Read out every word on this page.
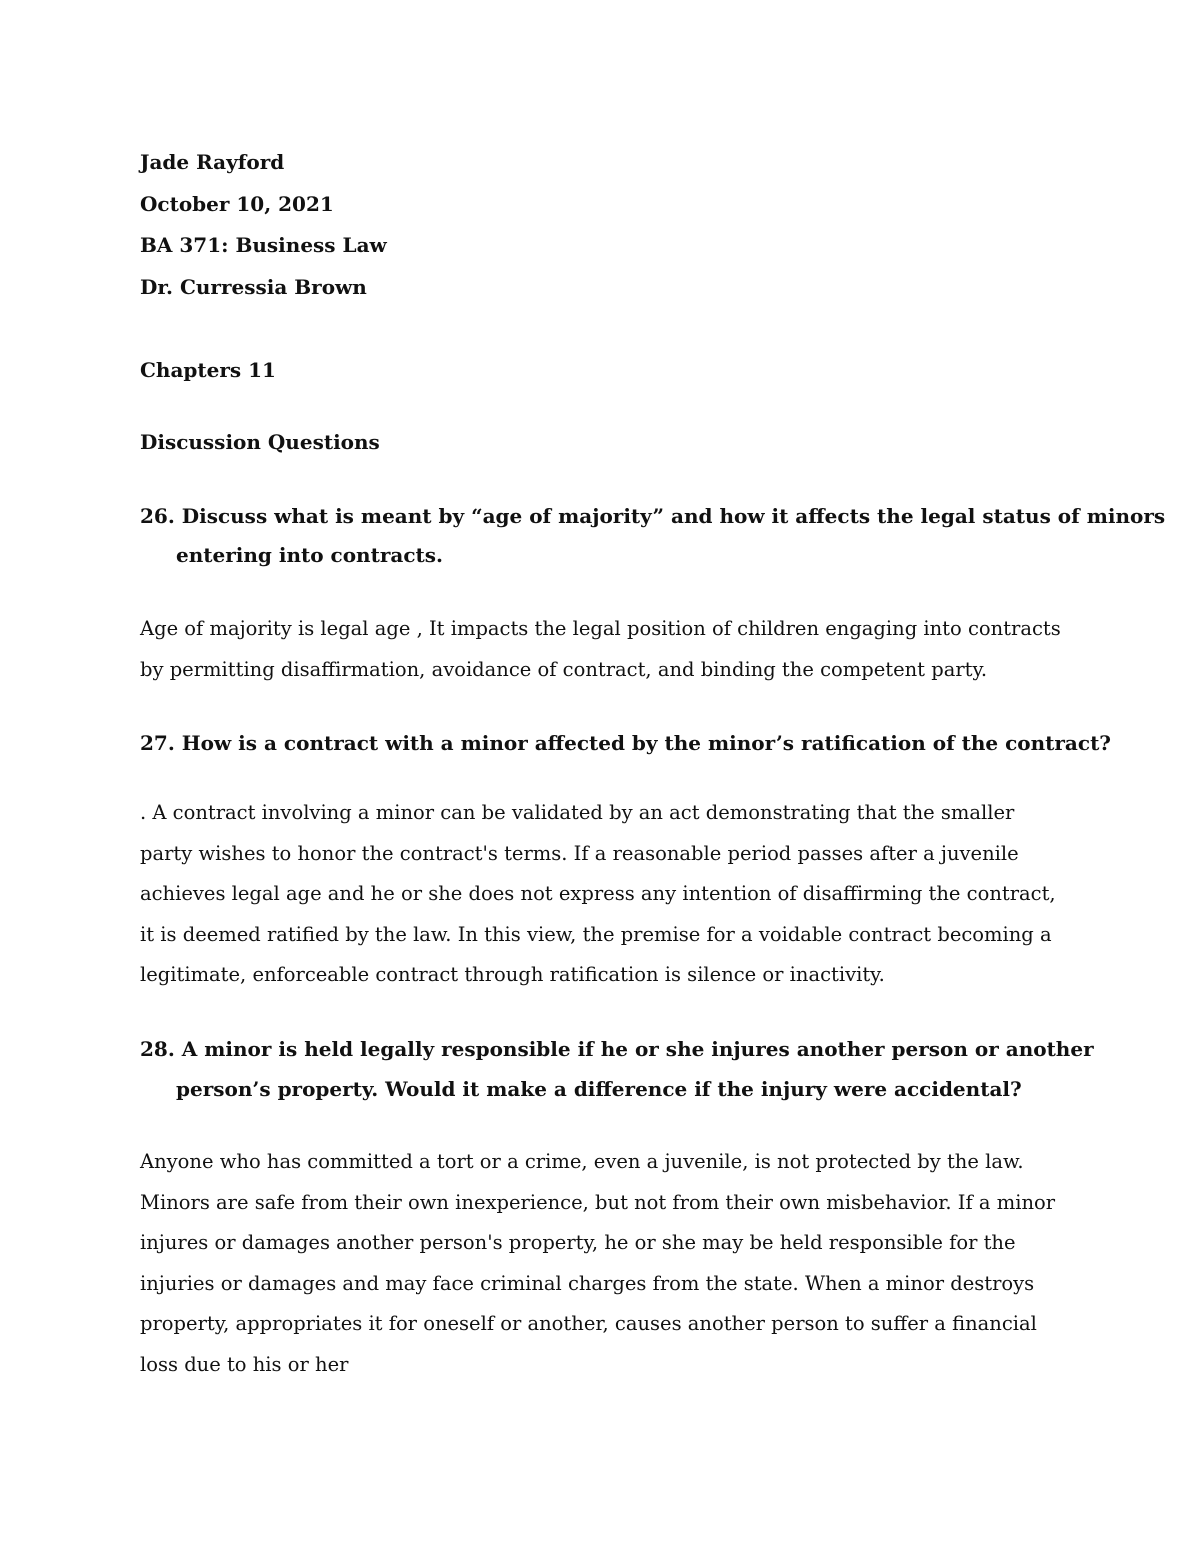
Jade Rayford
October 10, 2021
BA 371: Business Law
Dr. Curressia Brown
Chapters 11
Discussion Questions
26. Discuss what is meant by “age of majority” and how it affects the legal status of minors
entering into contracts.
Age of majority is legal age , It impacts the legal position of children engaging into contracts by permitting disaffirmation, avoidance of contract, and binding the competent party.
27. How is a contract with a minor affected by the minor’s ratification of the contract?
. A contract involving a minor can be validated by an act demonstrating that the smaller party wishes to honor the contract's terms. If a reasonable period passes after a juvenile achieves legal age and he or she does not express any intention of disaffirming the contract, it is deemed ratified by the law. In this view, the premise for a voidable contract becoming a legitimate, enforceable contract through ratification is silence or inactivity.
28. A minor is held legally responsible if he or she injures another person or another
person’s property. Would it make a difference if the injury were accidental?
Anyone who has committed a tort or a crime, even a juvenile, is not protected by the law. Minors are safe from their own inexperience, but not from their own misbehavior. If a minor injures or damages another person's property, he or she may be held responsible for the injuries or damages and may face criminal charges from the state. When a minor destroys property, appropriates it for oneself or another, causes another person to suffer a financial loss due to his or her
